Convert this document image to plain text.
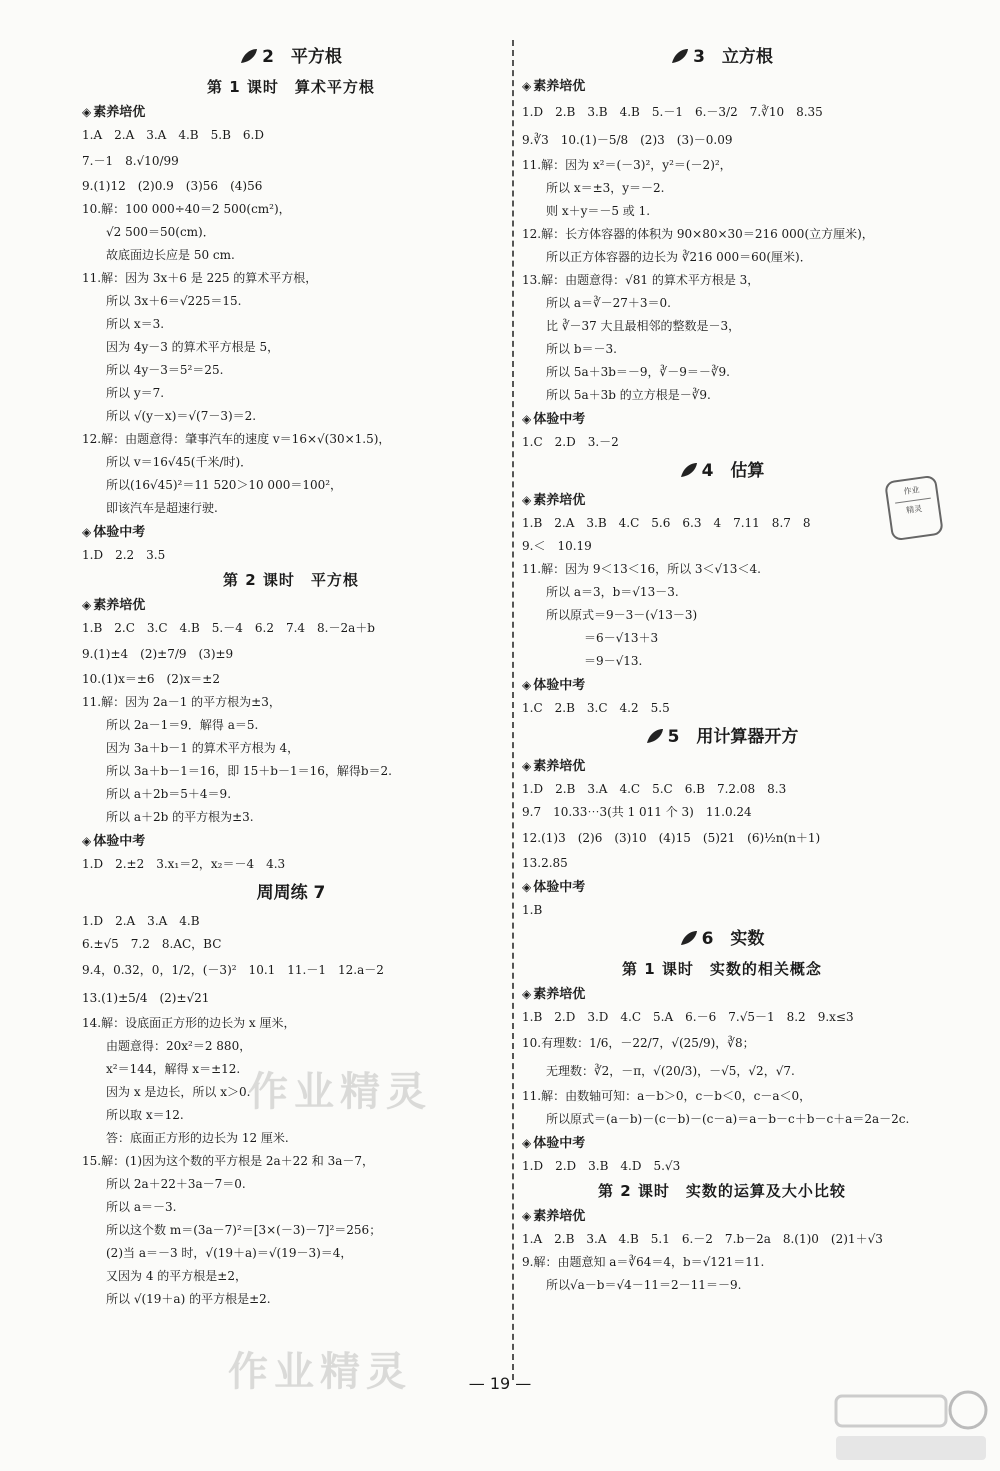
2　平方根
第 1 课时　算术平方根
◈ 素养培优
1.A　2.A　3.A　4.B　5.B　6.D
7.－1　8.√10/99
9.(1)12　(2)0.9　(3)56　(4)56
10.解：100 000÷40＝2 500(cm²)，
√2 500＝50(cm)．
故底面边长应是 50 cm.
11.解：因为 3x＋6 是 225 的算术平方根，
所以 3x＋6＝√225＝15.
所以 x＝3.
因为 4y－3 的算术平方根是 5，
所以 4y－3＝5²＝25.
所以 y＝7.
所以 √(y－x)＝√(7－3)＝2.
12.解：由题意得：肇事汽车的速度 v＝16×√(30×1.5)，
所以 v＝16√45(千米/时)．
所以(16√45)²＝11 520＞10 000＝100²，
即该汽车是超速行驶.
◈ 体验中考
1.D　2.2　3.5
第 2 课时　平方根
◈ 素养培优
1.B　2.C　3.C　4.B　5.－4　6.2　7.4　8.－2a＋b
9.(1)±4　(2)±7/9　(3)±9
10.(1)x＝±6　(2)x＝±2
11.解：因为 2a－1 的平方根为±3，
所以 2a－1＝9．解得 a＝5.
因为 3a＋b－1 的算术平方根为 4，
所以 3a＋b－1＝16，即 15＋b－1＝16，解得b＝2.
所以 a＋2b＝5＋4＝9.
所以 a＋2b 的平方根为±3.
◈ 体验中考
1.D　2.±2　3.x₁＝2，x₂＝－4　4.3
周周练 7
1.D　2.A　3.A　4.B
6.±√5　7.2　8.AC，BC
9.4，0.32，0，1/2，(－3)²　10.1　11.－1　12.a－2
13.(1)±5/4　(2)±√21
14.解：设底面正方形的边长为 x 厘米，
由题意得：20x²＝2 880，
x²＝144，解得 x＝±12.
因为 x 是边长，所以 x＞0.
所以取 x＝12.
答：底面正方形的边长为 12 厘米.
15.解：(1)因为这个数的平方根是 2a＋22 和 3a－7，
所以 2a＋22＋3a－7＝0.
所以 a＝－3.
所以这个数 m＝(3a－7)²＝[3×(－3)－7]²＝256；
(2)当 a＝－3 时，√(19＋a)＝√(19－3)＝4，
又因为 4 的平方根是±2，
所以 √(19＋a) 的平方根是±2.
3　立方根
◈ 素养培优
1.D　2.B　3.B　4.B　5.－1　6.－3/2　7.∛10　8.35
9.∛3　10.(1)－5/8　(2)3　(3)－0.09
11.解：因为 x²＝(－3)²，y²＝(－2)²，
所以 x＝±3，y＝－2.
则 x＋y＝－5 或 1.
12.解：长方体容器的体积为 90×80×30＝216 000(立方厘米)，
所以正方体容器的边长为 ∛216 000＝60(厘米)．
13.解：由题意得：√81 的算术平方根是 3，
所以 a＝∛－27＋3＝0.
比 ∛－37 大且最相邻的整数是－3，
所以 b＝－3.
所以 5a＋3b＝－9，∛－9＝－∛9.
所以 5a＋3b 的立方根是－∛9.
◈ 体验中考
1.C　2.D　3.－2
4　估算
◈ 素养培优
1.B　2.A　3.B　4.C　5.6　6.3　4　7.11　8.7　8
9.＜　10.19
11.解：因为 9＜13＜16，所以 3＜√13＜4.
所以 a＝3，b＝√13－3.
所以原式＝9－3－(√13－3)
＝6－√13＋3
＝9－√13.
◈ 体验中考
1.C　2.B　3.C　4.2　5.5
5　用计算器开方
◈ 素养培优
1.D　2.B　3.A　4.C　5.C　6.B　7.2.08　8.3
9.7　10.33⋯3(共 1 011 个 3)　11.0.24
12.(1)3　(2)6　(3)10　(4)15　(5)21　(6)½n(n＋1)
13.2.85
◈ 体验中考
1.B
6　实数
第 1 课时　实数的相关概念
◈ 素养培优
1.B　2.D　3.D　4.C　5.A　6.－6　7.√5－1　8.2　9.x≤3
10.有理数：1/6，－22/7，√(25/9)，∛8；
无理数：∛2，－π，√(20/3)，－√5，√2，√7.
11.解：由数轴可知：a－b＞0，c－b＜0，c－a＜0，
所以原式＝(a－b)－(c－b)－(c－a)＝a－b－c＋b－c＋a＝2a－2c.
◈ 体验中考
1.D　2.D　3.B　4.D　5.√3
第 2 课时　实数的运算及大小比较
◈ 素养培优
1.A　2.B　3.A　4.B　5.1　6.－2　7.b－2a　8.(1)0　(2)1＋√3
9.解：由题意知 a＝∛64＝4，b＝√121＝11.
所以√a－b＝√4－11＝2－11＝－9.
作业
精灵
作业精灵
作业精灵	— 19 —
